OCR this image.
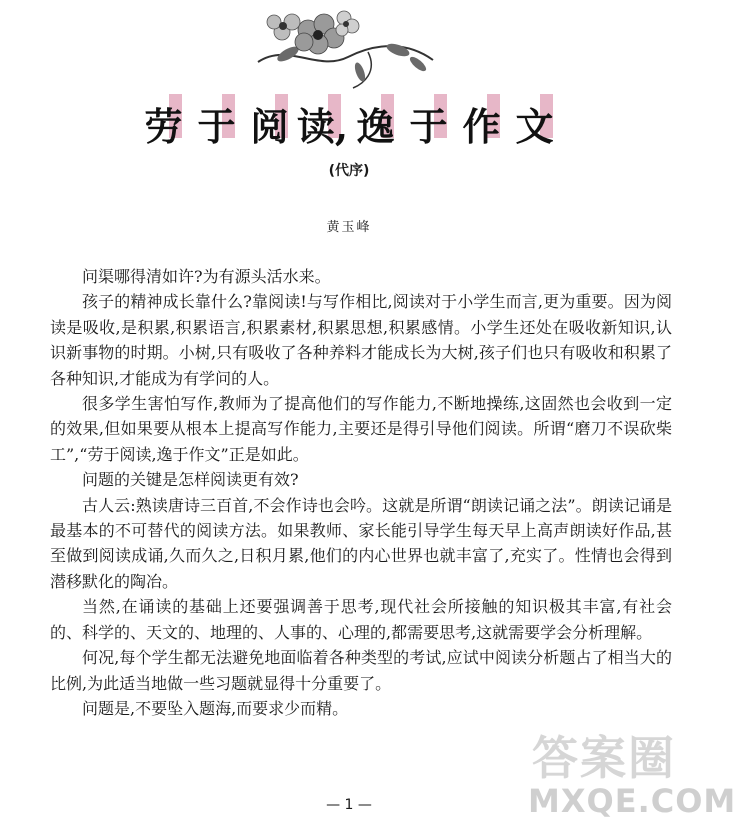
劳 于 阅 读, 逸 于 作 文
(代序)
黄玉峰

问渠哪得清如许?为有源头活水来。

孩子的精神成长靠什么?靠阅读!与写作相比,阅读对于小学生而言,更为重要。因为阅读是吸收,是积累,积累语言,积累素材,积累思想,积累感情。小学生还处在吸收新知识,认识新事物的时期。小树,只有吸收了各种养料才能成长为大树,孩子们也只有吸收和积累了各种知识,才能成为有学问的人。

很多学生害怕写作,教师为了提高他们的写作能力,不断地操练,这固然也会收到一定的效果,但如果要从根本上提高写作能力,主要还是得引导他们阅读。所谓“磨刀不误砍柴工”,“劳于阅读,逸于作文”正是如此。

问题的关键是怎样阅读更有效?

古人云:熟读唐诗三百首,不会作诗也会吟。这就是所谓“朗读记诵之法”。朗读记诵是最基本的不可替代的阅读方法。如果教师、家长能引导学生每天早上高声朗读好作品,甚至做到阅读成诵,久而久之,日积月累,他们的内心世界也就丰富了,充实了。性情也会得到潜移默化的陶冶。

当然,在诵读的基础上还要强调善于思考,现代社会所接触的知识极其丰富,有社会的、科学的、天文的、地理的、人事的、心理的,都需要思考,这就需要学会分析理解。

何况,每个学生都无法避免地面临着各种类型的考试,应试中阅读分析题占了相当大的比例,为此适当地做一些习题就显得十分重要了。

问题是,不要坠入题海,而要求少而精。

— 1 —
答案圈
MXQE.COM
